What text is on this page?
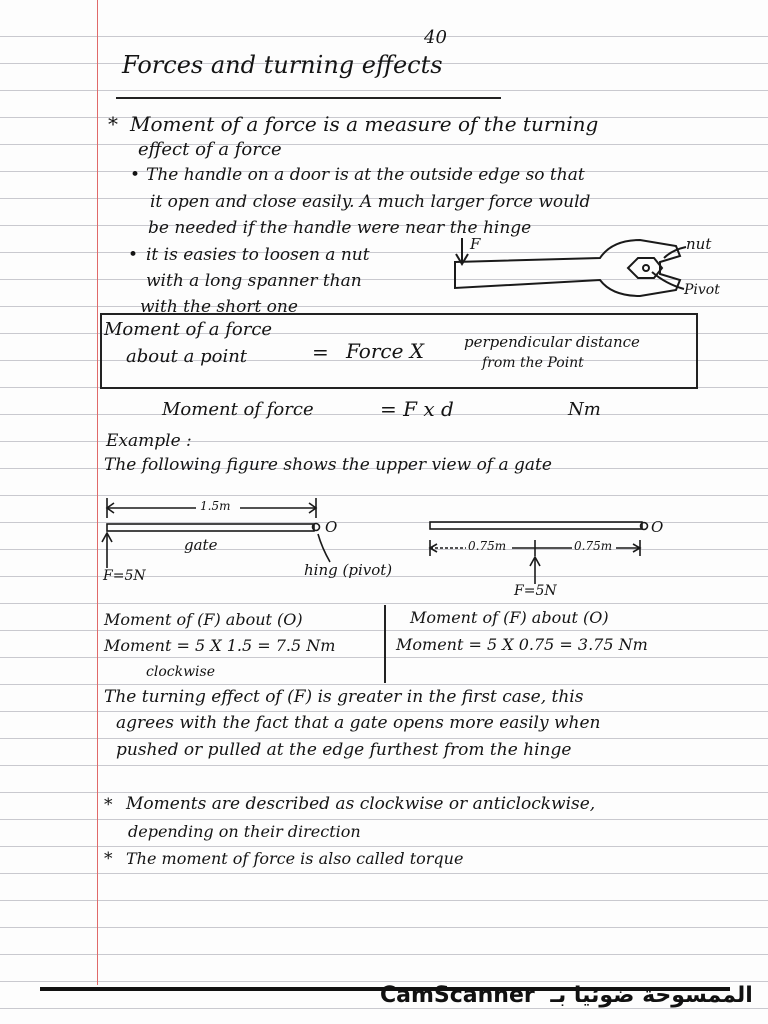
40
Forces and turning effects
* Moment of a force is a measure of the turning
effect of a force
• The handle on a door is at the outside edge so that
it open and close easily. A much larger force would
be needed if the handle were near the hinge
• it is easies to loosen a nut
with a long spanner than
with the short one
F	nut
Pivot
Moment of a force
about a point	= Force X	perpendicular distance
from the Point
Moment of force	= F x d	Nm
Example :
The following figure shows the upper view of a gate
1.5m
gate
F=5N	hing (pivot)
O
0.75m	0.75m
F=5N
O
Moment of (F) about (O)
Moment = 5 X 1.5 = 7.5 Nm
clockwise
Moment of (F) about (O)
Moment = 5 X 0.75 = 3.75 Nm
The turning effect of (F) is greater in the first case, this
agrees with the fact that a gate opens more easily when
pushed or pulled at the edge furthest from the hinge
* Moments are described as clockwise or anticlockwise,
depending on their direction
* The moment of force is also called torque
CamScanner الممسوحة ضوئيا بـ
